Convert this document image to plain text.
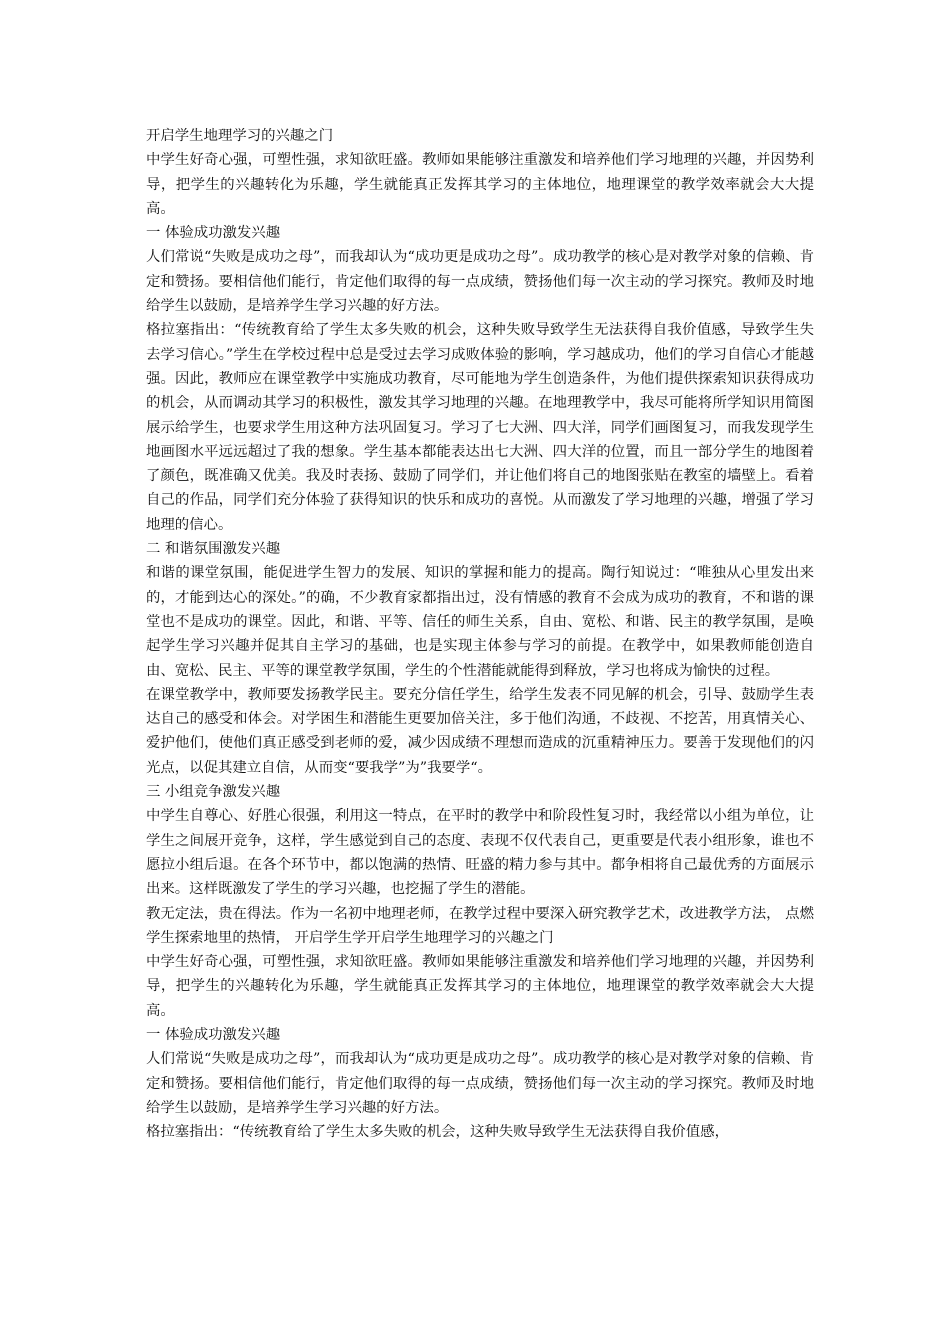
开启学生地理学习的兴趣之门

中学生好奇心强，可塑性强，求知欲旺盛。教师如果能够注重激发和培养他们学习地理的兴趣，并因势利导，把学生的兴趣转化为乐趣，学生就能真正发挥其学习的主体地位，地理课堂的教学效率就会大大提高。

一 体验成功激发兴趣

人们常说“失败是成功之母”，而我却认为“成功更是成功之母”。成功教学的核心是对教学对象的信赖、肯定和赞扬。要相信他们能行，肯定他们取得的每一点成绩，赞扬他们每一次主动的学习探究。教师及时地给学生以鼓励，是培养学生学习兴趣的好方法。

格拉塞指出：“传统教育给了学生太多失败的机会，这种失败导致学生无法获得自我价值感，导致学生失去学习信心。”学生在学校过程中总是受过去学习成败体验的影响，学习越成功，他们的学习自信心才能越强。因此，教师应在课堂教学中实施成功教育，尽可能地为学生创造条件，为他们提供探索知识获得成功的机会，从而调动其学习的积极性，激发其学习地理的兴趣。在地理教学中，我尽可能将所学知识用简图展示给学生，也要求学生用这种方法巩固复习。学习了七大洲、四大洋，同学们画图复习，而我发现学生地画图水平远远超过了我的想象。学生基本都能表达出七大洲、四大洋的位置，而且一部分学生的地图着了颜色，既准确又优美。我及时表扬、鼓励了同学们，并让他们将自己的地图张贴在教室的墙壁上。看着自己的作品，同学们充分体验了获得知识的快乐和成功的喜悦。从而激发了学习地理的兴趣，增强了学习地理的信心。

二 和谐氛围激发兴趣

和谐的课堂氛围，能促进学生智力的发展、知识的掌握和能力的提高。陶行知说过：“唯独从心里发出来的，才能到达心的深处。”的确，不少教育家都指出过，没有情感的教育不会成为成功的教育，不和谐的课堂也不是成功的课堂。因此，和谐、平等、信任的师生关系，自由、宽松、和谐、民主的教学氛围，是唤起学生学习兴趣并促其自主学习的基础，也是实现主体参与学习的前提。在教学中，如果教师能创造自由、宽松、民主、平等的课堂教学氛围，学生的个性潜能就能得到释放，学习也将成为愉快的过程。

在课堂教学中，教师要发扬教学民主。要充分信任学生，给学生发表不同见解的机会，引导、鼓励学生表达自己的感受和体会。对学困生和潜能生更要加倍关注，多于他们沟通，不歧视、不挖苦，用真情关心、爱护他们，使他们真正感受到老师的爱，减少因成绩不理想而造成的沉重精神压力。要善于发现他们的闪光点，以促其建立自信，从而变“要我学”为”我要学“。

三 小组竞争激发兴趣

中学生自尊心、好胜心很强，利用这一特点，在平时的教学中和阶段性复习时，我经常以小组为单位，让学生之间展开竞争，这样，学生感觉到自己的态度、表现不仅代表自己，更重要是代表小组形象，谁也不愿拉小组后退。在各个环节中，都以饱满的热情、旺盛的精力参与其中。都争相将自己最优秀的方面展示出来。这样既激发了学生的学习兴趣，也挖掘了学生的潜能。

教无定法，贵在得法。作为一名初中地理老师，在教学过程中要深入研究教学艺术，改进教学方法， 点燃学生探索地里的热情， 开启学生学开启学生地理学习的兴趣之门

中学生好奇心强，可塑性强，求知欲旺盛。教师如果能够注重激发和培养他们学习地理的兴趣，并因势利导，把学生的兴趣转化为乐趣，学生就能真正发挥其学习的主体地位，地理课堂的教学效率就会大大提高。

一 体验成功激发兴趣

人们常说“失败是成功之母”，而我却认为“成功更是成功之母”。成功教学的核心是对教学对象的信赖、肯定和赞扬。要相信他们能行，肯定他们取得的每一点成绩，赞扬他们每一次主动的学习探究。教师及时地给学生以鼓励，是培养学生学习兴趣的好方法。

格拉塞指出：“传统教育给了学生太多失败的机会，这种失败导致学生无法获得自我价值感，
